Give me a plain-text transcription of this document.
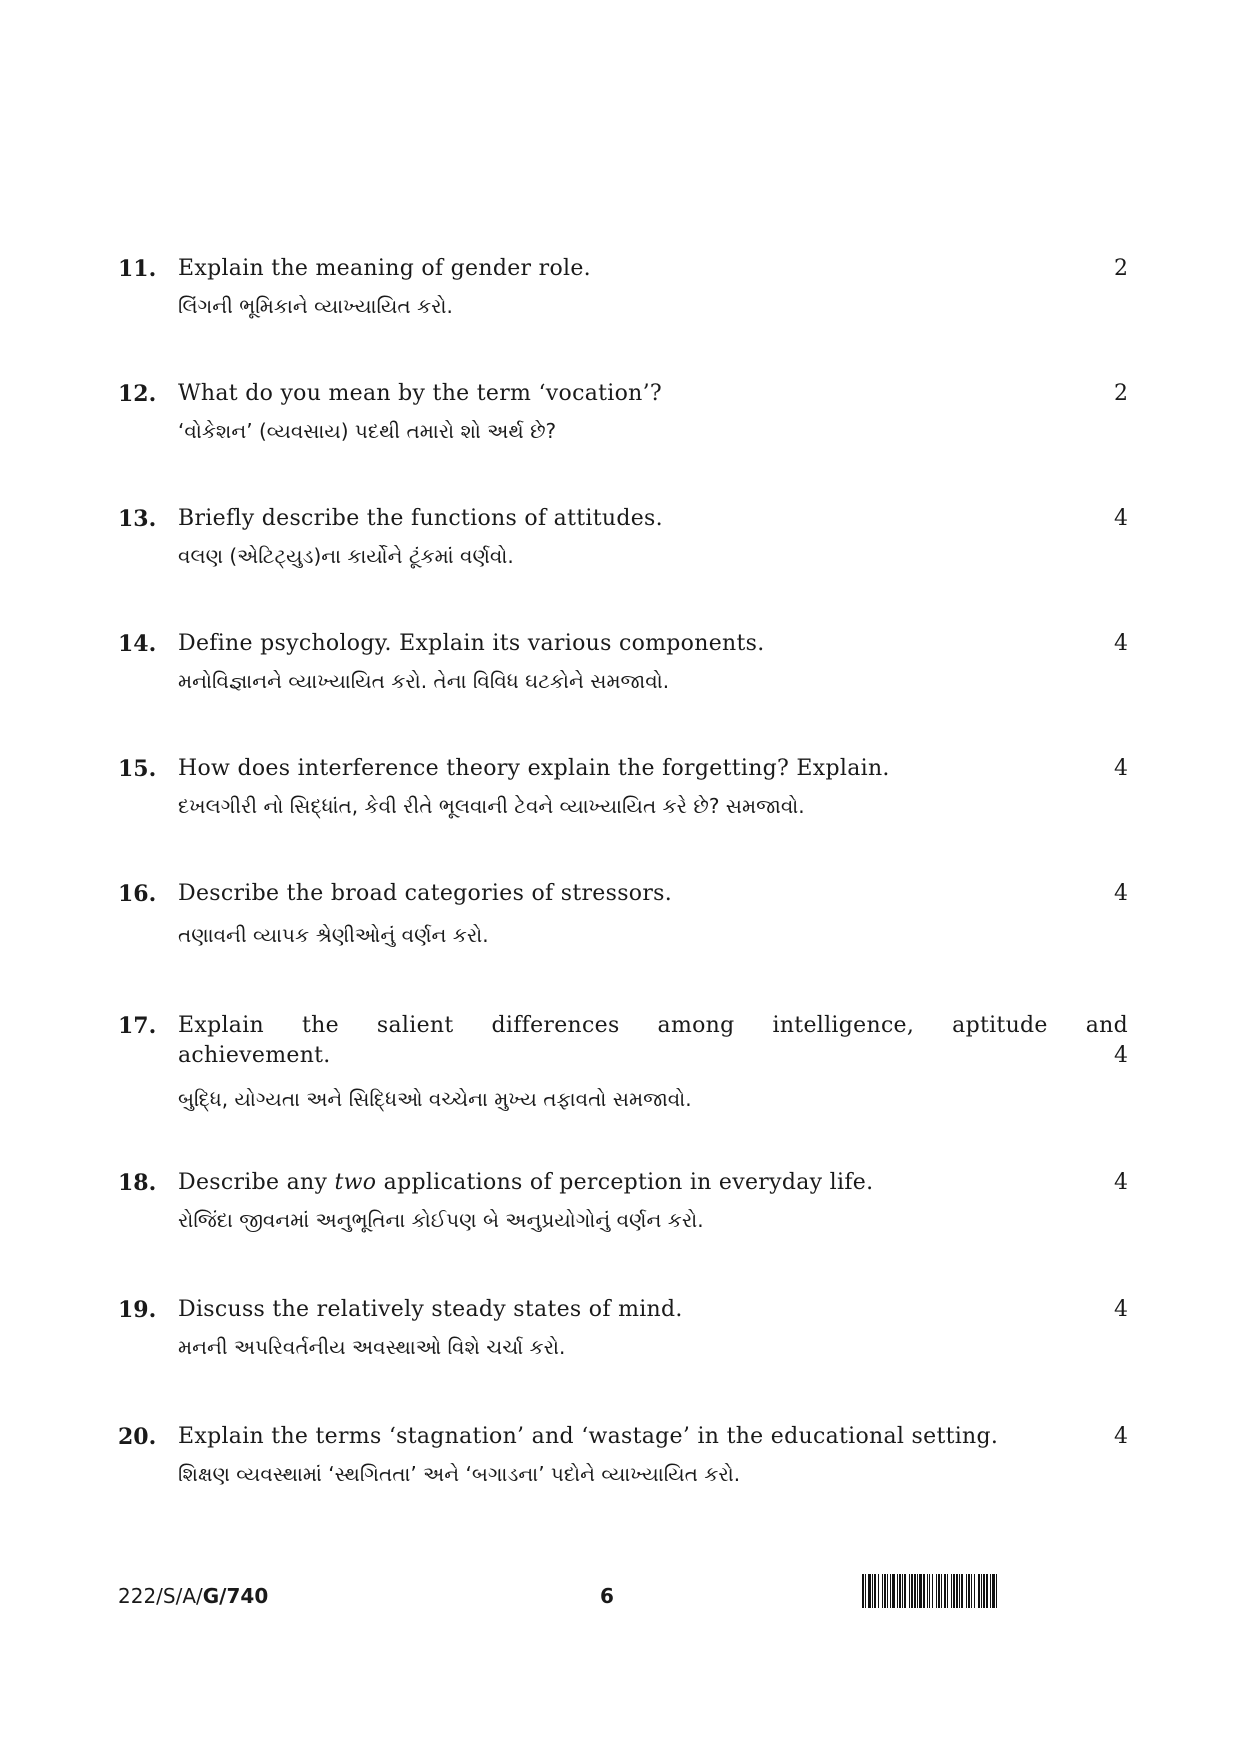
11. Explain the meaning of gender role.
લિંગની ભૂમિકાને વ્યાખ્યાયિત કરો.
2
12. What do you mean by the term ‘vocation’?
‘વોકેશન’ (વ્યવસાય) પદથી તમારો શો અર્થ છે?
2
13. Briefly describe the functions of attitudes.
વલણ (એટિટ્યુડ)ના કાર્યોને ટૂંકમાં વર્ણવો.
4
14. Define psychology. Explain its various components.
મનોવિજ્ઞાનને વ્યાખ્યાયિત કરો. તેના વિવિધ ઘટકોને સમજાવો.
4
15. How does interference theory explain the forgetting? Explain.
દખલગીરી નો સિદ્ધાંત, કેવી રીતે ભૂલવાની ટેવને વ્યાખ્યાયિત કરે છે? સમજાવો.
4
16. Describe the broad categories of stressors.
તણાવની વ્યાપક શ્રેણીઓનું વર્ણન કરો.
4
17. Explain the salient differences among intelligence, aptitude and
achievement.
બુદ્ધિ, યોગ્યતા અને સિદ્ધિઓ વચ્ચેના મુખ્ય તફાવતો સમજાવો.
4
18. Describe any two applications of perception in everyday life.
રોજિંદા જીવનમાં અનુભૂતિના કોઈપણ બે અનુપ્રયોગોનું વર્ણન કરો.
4
19. Discuss the relatively steady states of mind.
મનની અપરિવર્તનીય અવસ્થાઓ વિશે ચર્ચા કરો.
4
20. Explain the terms ‘stagnation’ and ‘wastage’ in the educational setting.
શિક્ષણ વ્યવસ્થામાં ‘સ્થગિતતા’ અને ‘બગાડના’ પદોને વ્યાખ્યાયિત કરો.
4
222/S/A/G/740	6
